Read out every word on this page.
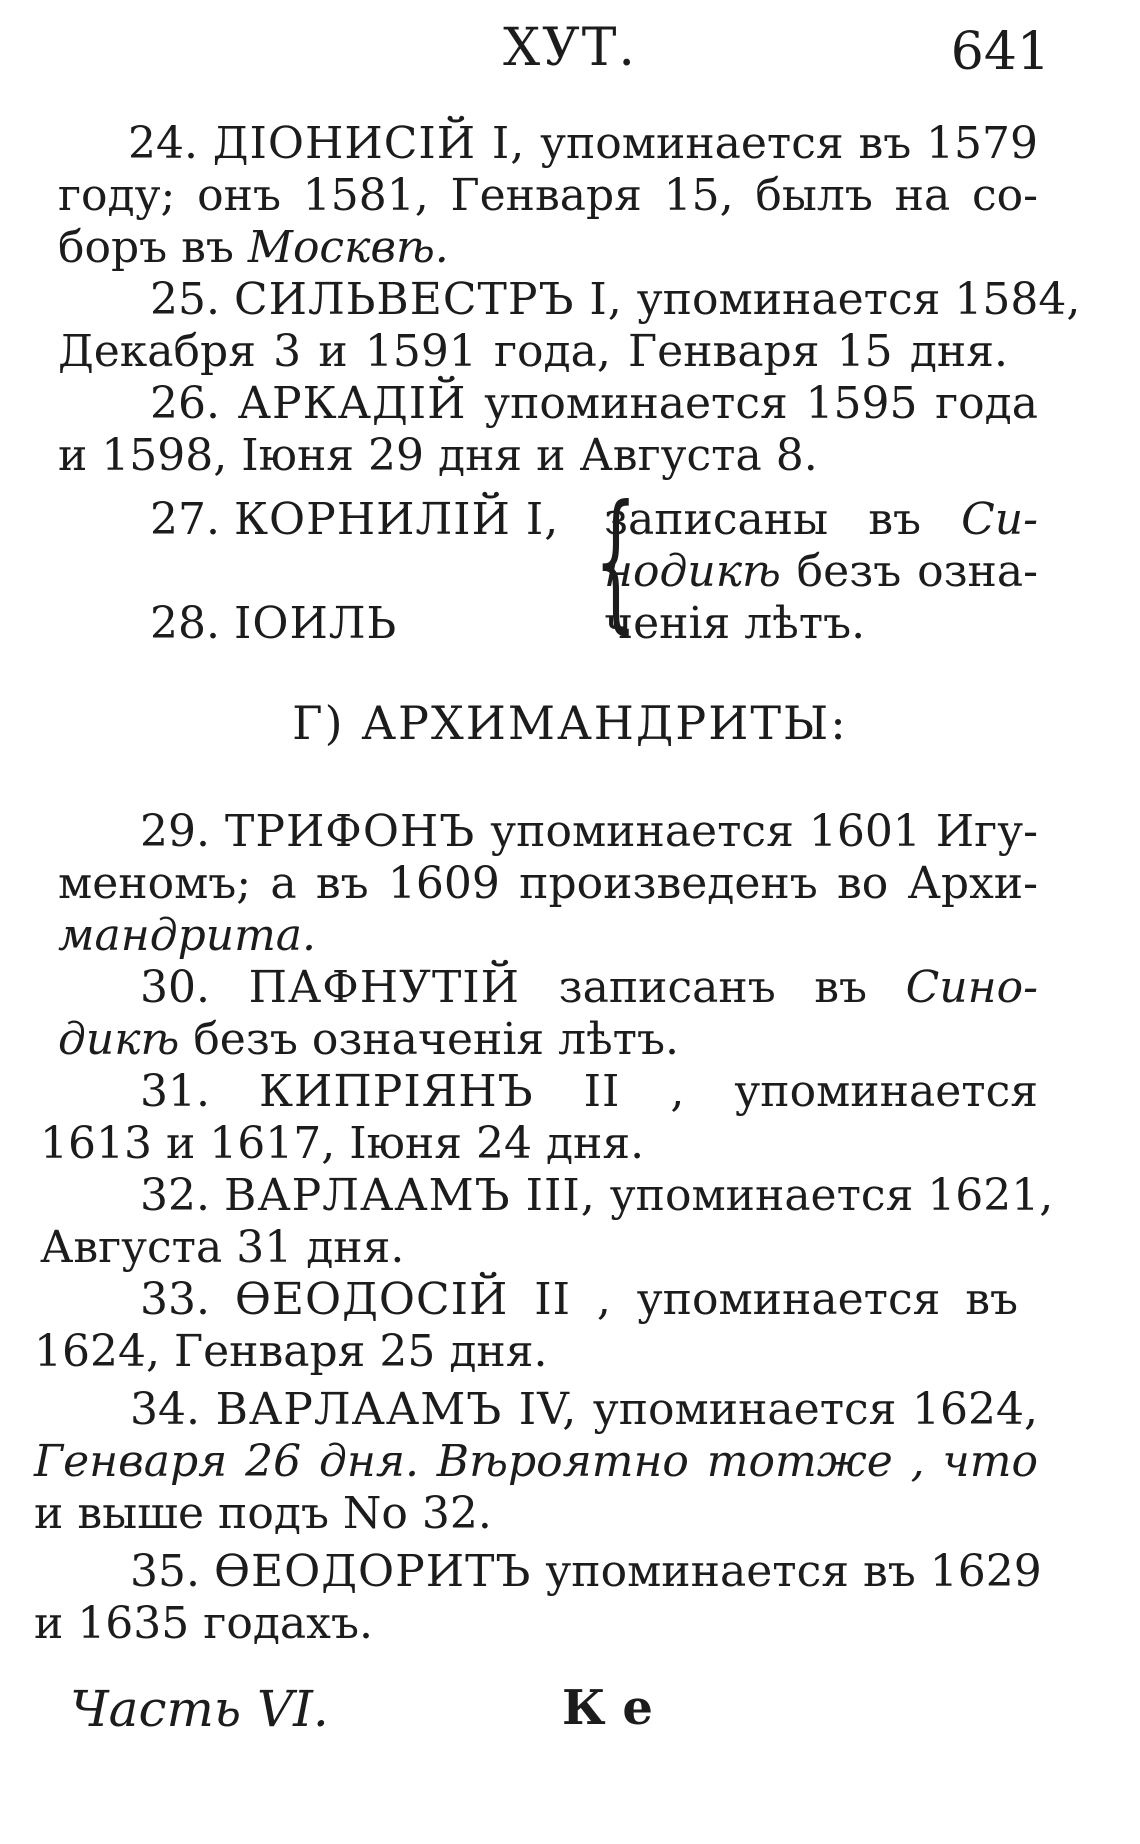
ХУТ.	641
24. ДІОНИСІЙ I, упоминается въ 1579
году; онъ 1581, Генваря 15, былъ на со-
боръ въ Москвѣ.
25. СИЛЬВЕСТРЪ I, упоминается 1584,
Декабря 3 и 1591 года, Генваря 15 дня.
26. АРКАДІЙ упоминается 1595 года
и 1598, Іюня 29 дня и Августа 8.
27. КОРНИЛІЙ I,
28. ІОИЛЬ {
записаны въ Си-
нодикѣ безъ озна-
ченія лѣтъ.
Г) АРХИМАНДРИТЫ:
29. ТРИФОНЪ упоминается 1601 Игу-
меномъ; а въ 1609 произведенъ во Архи-
мандрита.
30. ПАФНУТІЙ записанъ въ Сино-
дикѣ безъ означенія лѣтъ.
31. КИПРІЯНЪ II , упоминается
1613 и 1617, Іюня 24 дня.
32. ВАРЛААМЪ III, упоминается 1621,
Августа 31 дня.
33. ѲЕОДОСІЙ II , упоминается въ
1624, Генваря 25 дня.
34. ВАРЛААМЪ IV, упоминается 1624,
Генваря 26 дня. Вѣроятно тотже , что
и выше подъ No 32.
35. ѲЕОДОРИТЪ упоминается въ 1629
и 1635 годахъ.
Часть VI.	К е
